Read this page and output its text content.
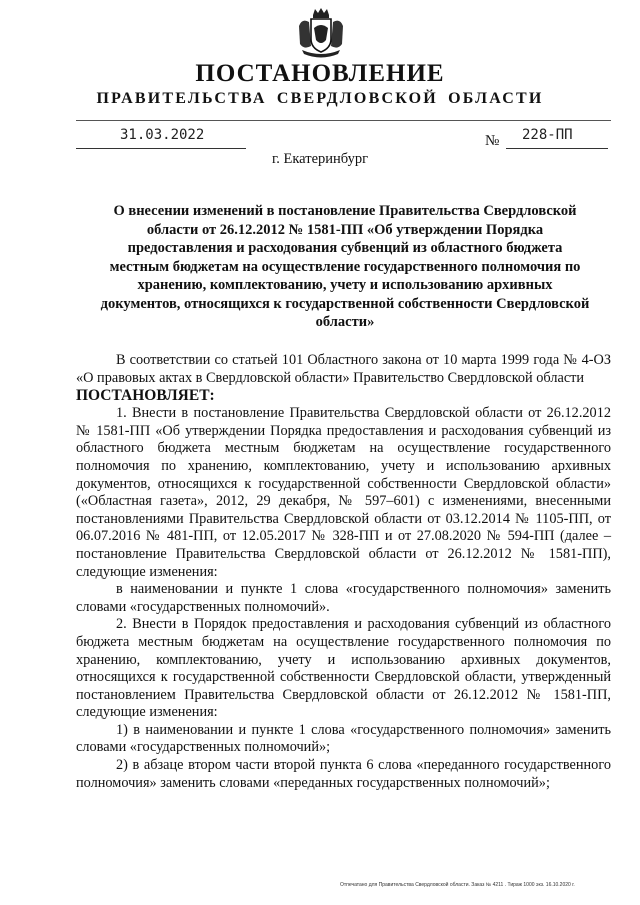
ПОСТАНОВЛЕНИЕ
ПРАВИТЕЛЬСТВА СВЕРДЛОВСКОЙ ОБЛАСТИ
31.03.2022	№ 228-ПП
г. Екатеринбург
О внесении изменений в постановление Правительства Свердловской области от 26.12.2012 № 1581-ПП «Об утверждении Порядка предоставления и расходования субвенций из областного бюджета местным бюджетам на осуществление государственного полномочия по хранению, комплектованию, учету и использованию архивных документов, относящихся к государственной собственности Свердловской области»

В соответствии со статьей 101 Областного закона от 10 марта 1999 года № 4-ОЗ «О правовых актах в Свердловской области» Правительство Свердловской области

ПОСТАНОВЛЯЕТ:

1. Внести в постановление Правительства Свердловской области от 26.12.2012 № 1581-ПП «Об утверждении Порядка предоставления и расходования субвенций из областного бюджета местным бюджетам на осуществление государственного полномочия по хранению, комплектованию, учету и использованию архивных документов, относящихся к государственной собственности Свердловской области» («Областная газета», 2012, 29 декабря, № 597–601) с изменениями, внесенными постановлениями Правительства Свердловской области от 03.12.2014 № 1105-ПП, от 06.07.2016 № 481-ПП, от 12.05.2017 № 328-ПП и от 27.08.2020 № 594-ПП (далее – постановление Правительства Свердловской области от 26.12.2012 № 1581-ПП), следующие изменения:

в наименовании и пункте 1 слова «государственного полномочия» заменить словами «государственных полномочий».

2. Внести в Порядок предоставления и расходования субвенций из областного бюджета местным бюджетам на осуществление государственного полномочия по хранению, комплектованию, учету и использованию архивных документов, относящихся к государственной собственности Свердловской области, утвержденный постановлением Правительства Свердловской области от 26.12.2012 № 1581-ПП, следующие изменения:

1) в наименовании и пункте 1 слова «государственного полномочия» заменить словами «государственных полномочий»;

2) в абзаце втором части второй пункта 6 слова «переданного государственного полномочия» заменить словами «переданных государственных полномочий»;

Отпечатано для Правительства Свердловской области. Заказ № 4211 . Тираж 1000 экз. 16.10.2020 г.
